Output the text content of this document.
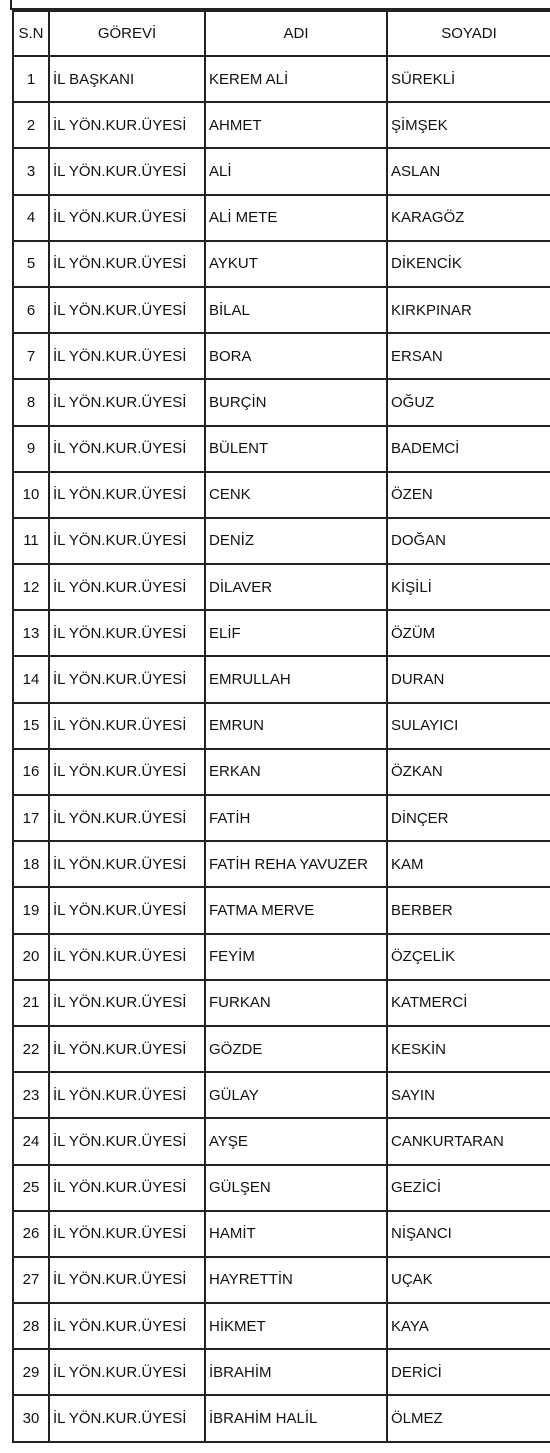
S.N	GÖREVİ	ADI	SOYADI
1	İL BAŞKANI	KEREM ALİ	SÜREKLİ
2	İL YÖN.KUR.ÜYESİ	AHMET	ŞİMŞEK
3	İL YÖN.KUR.ÜYESİ	ALİ	ASLAN
4	İL YÖN.KUR.ÜYESİ	ALİ METE	KARAGÖZ
5	İL YÖN.KUR.ÜYESİ	AYKUT	DİKENCİK
6	İL YÖN.KUR.ÜYESİ	BİLAL	KIRKPINAR
7	İL YÖN.KUR.ÜYESİ	BORA	ERSAN
8	İL YÖN.KUR.ÜYESİ	BURÇİN	OĞUZ
9	İL YÖN.KUR.ÜYESİ	BÜLENT	BADEMCİ
10	İL YÖN.KUR.ÜYESİ	CENK	ÖZEN
11	İL YÖN.KUR.ÜYESİ	DENİZ	DOĞAN
12	İL YÖN.KUR.ÜYESİ	DİLAVER	KİŞİLİ
13	İL YÖN.KUR.ÜYESİ	ELİF	ÖZÜM
14	İL YÖN.KUR.ÜYESİ	EMRULLAH	DURAN
15	İL YÖN.KUR.ÜYESİ	EMRUN	SULAYICI
16	İL YÖN.KUR.ÜYESİ	ERKAN	ÖZKAN
17	İL YÖN.KUR.ÜYESİ	FATİH	DİNÇER
18	İL YÖN.KUR.ÜYESİ	FATİH REHA YAVUZER	KAM
19	İL YÖN.KUR.ÜYESİ	FATMA MERVE	BERBER
20	İL YÖN.KUR.ÜYESİ	FEYİM	ÖZÇELİK
21	İL YÖN.KUR.ÜYESİ	FURKAN	KATMERCİ
22	İL YÖN.KUR.ÜYESİ	GÖZDE	KESKİN
23	İL YÖN.KUR.ÜYESİ	GÜLAY	SAYIN
24	İL YÖN.KUR.ÜYESİ	AYŞE	CANKURTARAN
25	İL YÖN.KUR.ÜYESİ	GÜLŞEN	GEZİCİ
26	İL YÖN.KUR.ÜYESİ	HAMİT	NİŞANCI
27	İL YÖN.KUR.ÜYESİ	HAYRETTİN	UÇAK
28	İL YÖN.KUR.ÜYESİ	HİKMET	KAYA
29	İL YÖN.KUR.ÜYESİ	İBRAHİM	DERİCİ
30	İL YÖN.KUR.ÜYESİ	İBRAHİM HALİL	ÖLMEZ
